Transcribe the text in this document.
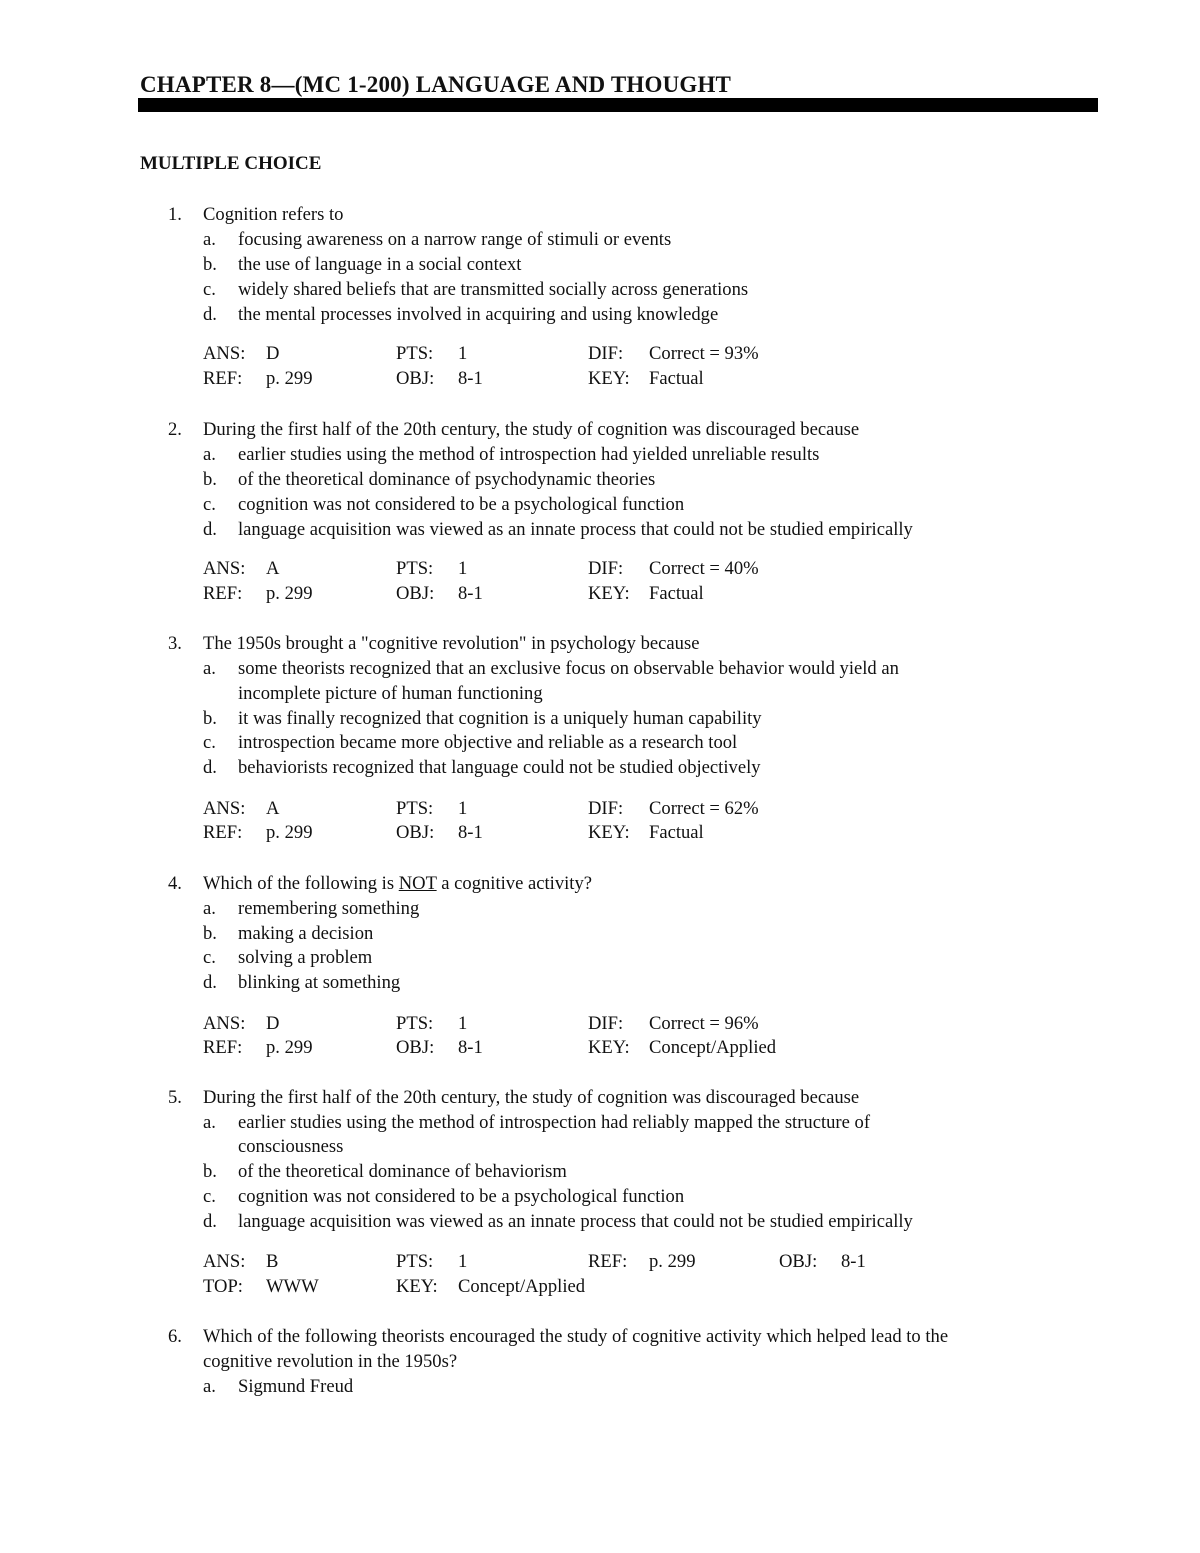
CHAPTER 8—(MC 1-200) LANGUAGE AND THOUGHT
MULTIPLE CHOICE
1. Cognition refers to
a. focusing awareness on a narrow range of stimuli or events
b. the use of language in a social context
c. widely shared beliefs that are transmitted socially across generations
d. the mental processes involved in acquiring and using knowledge
ANS: D	PTS: 1	DIF: Correct = 93%
REF: p. 299	OBJ: 8-1	KEY: Factual
2. During the first half of the 20th century, the study of cognition was discouraged because
a. earlier studies using the method of introspection had yielded unreliable results
b. of the theoretical dominance of psychodynamic theories
c. cognition was not considered to be a psychological function
d. language acquisition was viewed as an innate process that could not be studied empirically
ANS: A	PTS: 1	DIF: Correct = 40%
REF: p. 299	OBJ: 8-1	KEY: Factual
3. The 1950s brought a "cognitive revolution" in psychology because
a. some theorists recognized that an exclusive focus on observable behavior would yield an
incomplete picture of human functioning
b. it was finally recognized that cognition is a uniquely human capability
c. introspection became more objective and reliable as a research tool
d. behaviorists recognized that language could not be studied objectively
ANS: A	PTS: 1	DIF: Correct = 62%
REF: p. 299	OBJ: 8-1	KEY: Factual
4. Which of the following is NOT a cognitive activity?
a. remembering something
b. making a decision
c. solving a problem
d. blinking at something
ANS: D	PTS: 1	DIF: Correct = 96%
REF: p. 299	OBJ: 8-1	KEY: Concept/Applied
5. During the first half of the 20th century, the study of cognition was discouraged because
a. earlier studies using the method of introspection had reliably mapped the structure of
consciousness
b. of the theoretical dominance of behaviorism
c. cognition was not considered to be a psychological function
d. language acquisition was viewed as an innate process that could not be studied empirically
ANS: B	PTS: 1	REF: p. 299	OBJ: 8-1
TOP: WWW	KEY: Concept/Applied
6. Which of the following theorists encouraged the study of cognitive activity which helped lead to the
cognitive revolution in the 1950s?
a. Sigmund Freud
